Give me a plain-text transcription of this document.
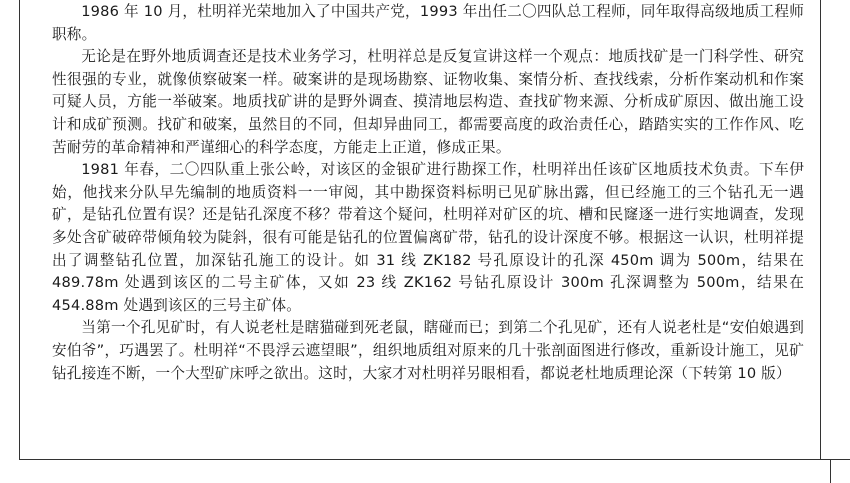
1986 年 10 月，杜明祥光荣地加入了中国共产党，1993 年出任二〇四队总工程师，同年取得高级地质工程师职称。

无论是在野外地质调查还是技术业务学习，杜明祥总是反复宣讲这样一个观点：地质找矿是一门科学性、研究性很强的专业，就像侦察破案一样。破案讲的是现场勘察、证物收集、案情分析、查找线索，分析作案动机和作案可疑人员，方能一举破案。地质找矿讲的是野外调查、摸清地层构造、查找矿物来源、分析成矿原因、做出施工设计和成矿预测。找矿和破案，虽然目的不同，但却异曲同工，都需要高度的政治责任心，踏踏实实的工作作风、吃苦耐劳的革命精神和严谨细心的科学态度，方能走上正道，修成正果。

1981 年春，二〇四队重上张公岭，对该区的金银矿进行勘探工作，杜明祥出任该矿区地质技术负责。下车伊始，他找来分队早先编制的地质资料一一审阅，其中勘探资料标明已见矿脉出露，但已经施工的三个钻孔无一遇矿，是钻孔位置有误？还是钻孔深度不移？带着这个疑问，杜明祥对矿区的坑、槽和民窿逐一进行实地调查，发现多处含矿破碎带倾角较为陡斜，很有可能是钻孔的位置偏离矿带，钻孔的设计深度不够。根据这一认识，杜明祥提出了调整钻孔位置，加深钻孔施工的设计。如 31 线 ZK182 号孔原设计的孔深 450m 调为 500m，结果在 489.78m 处遇到该区的二号主矿体，又如 23 线 ZK162 号钻孔原设计 300m 孔深调整为 500m，结果在 454.88m 处遇到该区的三号主矿体。

当第一个孔见矿时，有人说老杜是瞎猫碰到死老鼠，瞎碰而已；到第二个孔见矿，还有人说老杜是“安伯娘遇到安伯爷”，巧遇罢了。杜明祥“不畏浮云遮望眼”，组织地质组对原来的几十张剖面图进行修改，重新设计施工，见矿钻孔接连不断，一个大型矿床呼之欲出。这时，大家才对杜明祥另眼相看，都说老杜地质理论深（下转第 10 版）
